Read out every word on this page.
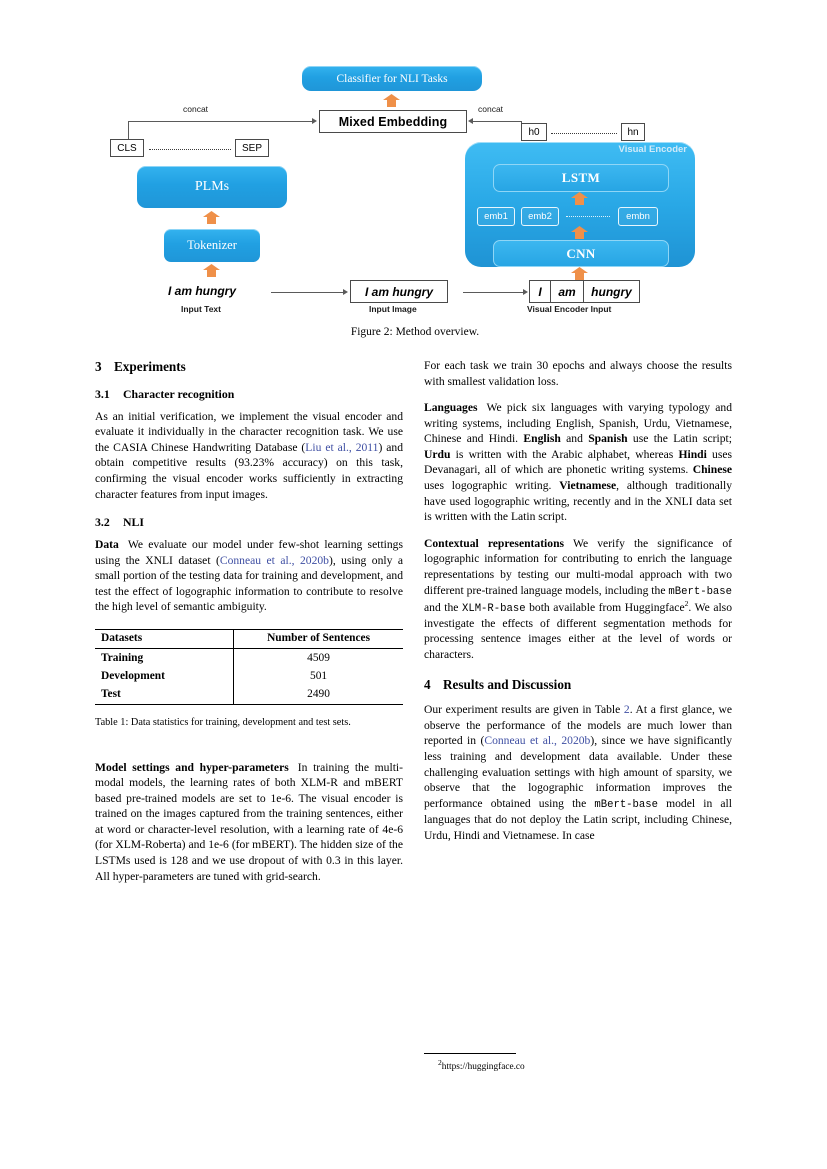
Classifier for NLI Tasks
Mixed Embedding
concat	concat
h0	hn
CLS	SEP
PLMs
Tokenizer
Visual Encoder
LSTM
emb1 emb2	embn
CNN
I am hungry
Input Text
I am hungry
Input Image
I am hungry
Visual Encoder Input
Figure 2: Method overview.
3 Experiments
3.1 Character recognition

As an initial verification, we implement the visual encoder and evaluate it individually in the character recognition task. We use the CASIA Chinese Handwriting Database (Liu et al., 2011) and obtain competitive results (93.23% accuracy) on this task, confirming the visual encoder works sufficiently in extracting character features from input images.

3.2 NLI

Data We evaluate our model under few-shot learning settings using the XNLI dataset (Conneau et al., 2020b), using only a small portion of the testing data for training and development, and test the effect of logographic information to contribute to resolve the high level of semantic ambiguity.

Datasets	Number of Sentences
Training	4509
Development	501
Test	2490
Table 1: Data statistics for training, development and test sets.

Model settings and hyper-parameters In training the multi-modal models, the learning rates of both XLM-R and mBERT based pre-trained models are set to 1e-6. The visual encoder is trained on the images captured from the training sentences, either at word or character-level resolution, with a learning rate of 4e-6 (for XLM-Roberta) and 1e-6 (for mBERT). The hidden size of the LSTMs used is 128 and we use dropout of with 0.3 in this layer. All hyper-parameters are tuned with grid-search.

For each task we train 30 epochs and always choose the results with smallest validation loss.

Languages We pick six languages with varying typology and writing systems, including English, Spanish, Urdu, Vietnamese, Chinese and Hindi. English and Spanish use the Latin script; Urdu is written with the Arabic alphabet, whereas Hindi uses Devanagari, all of which are phonetic writing systems. Chinese uses logographic writing. Vietnamese, although traditionally have used logographic writing, recently and in the XNLI data set is written with the Latin script.

Contextual representations We verify the significance of logographic information for contributing to enrich the language representations by testing our multi-modal approach with two different pre-trained language models, including the mBert-base and the XLM-R-base both available from Huggingface$^2$. We also investigate the effects of different segmentation methods for processing sentence images either at the level of words or characters.

4 Results and Discussion

Our experiment results are given in Table 2. At a first glance, we observe the performance of the models are much lower than reported in (Conneau et al., 2020b), since we have significantly less training and development data available. Under these challenging evaluation settings with high amount of sparsity, we observe that the logographic information improves the performance obtained using the mBert-base model in all languages that do not deploy the Latin script, including Chinese, Urdu, Hindi and Vietnamese. In case

$^2$https://huggingface.co
